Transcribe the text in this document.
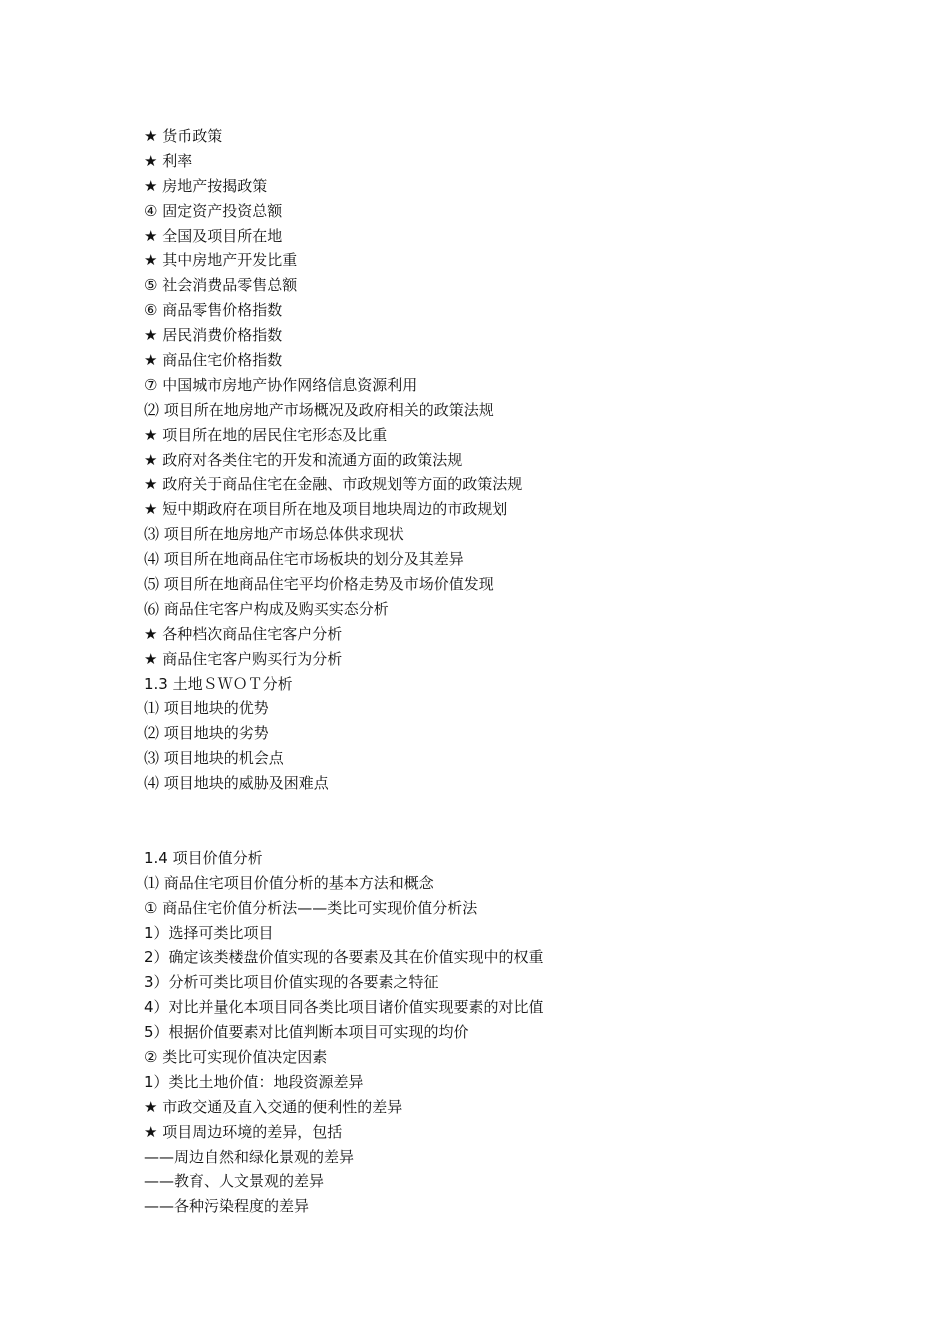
★ 货币政策
★ 利率
★ 房地产按揭政策
④ 固定资产投资总额
★ 全国及项目所在地
★ 其中房地产开发比重
⑤ 社会消费品零售总额
⑥ 商品零售价格指数
★ 居民消费价格指数
★ 商品住宅价格指数
⑦ 中国城市房地产协作网络信息资源利用
⑵ 项目所在地房地产市场概况及政府相关的政策法规
★ 项目所在地的居民住宅形态及比重
★ 政府对各类住宅的开发和流通方面的政策法规
★ 政府关于商品住宅在金融、市政规划等方面的政策法规
★ 短中期政府在项目所在地及项目地块周边的市政规划
⑶ 项目所在地房地产市场总体供求现状
⑷ 项目所在地商品住宅市场板块的划分及其差异
⑸ 项目所在地商品住宅平均价格走势及市场价值发现
⑹ 商品住宅客户构成及购买实态分析
★ 各种档次商品住宅客户分析
★ 商品住宅客户购买行为分析
1.3 土地ＳＷＯＴ分析
⑴ 项目地块的优势
⑵ 项目地块的劣势
⑶ 项目地块的机会点
⑷ 项目地块的威胁及困难点
1.4 项目价值分析
⑴ 商品住宅项目价值分析的基本方法和概念
① 商品住宅价值分析法——类比可实现价值分析法
1）选择可类比项目
2）确定该类楼盘价值实现的各要素及其在价值实现中的权重
3）分析可类比项目价值实现的各要素之特征
4）对比并量化本项目同各类比项目诸价值实现要素的对比值
5）根据价值要素对比值判断本项目可实现的均价
② 类比可实现价值决定因素
1）类比土地价值：地段资源差异
★ 市政交通及直入交通的便利性的差异
★ 项目周边环境的差异，包括
——周边自然和绿化景观的差异
——教育、人文景观的差异
——各种污染程度的差异
